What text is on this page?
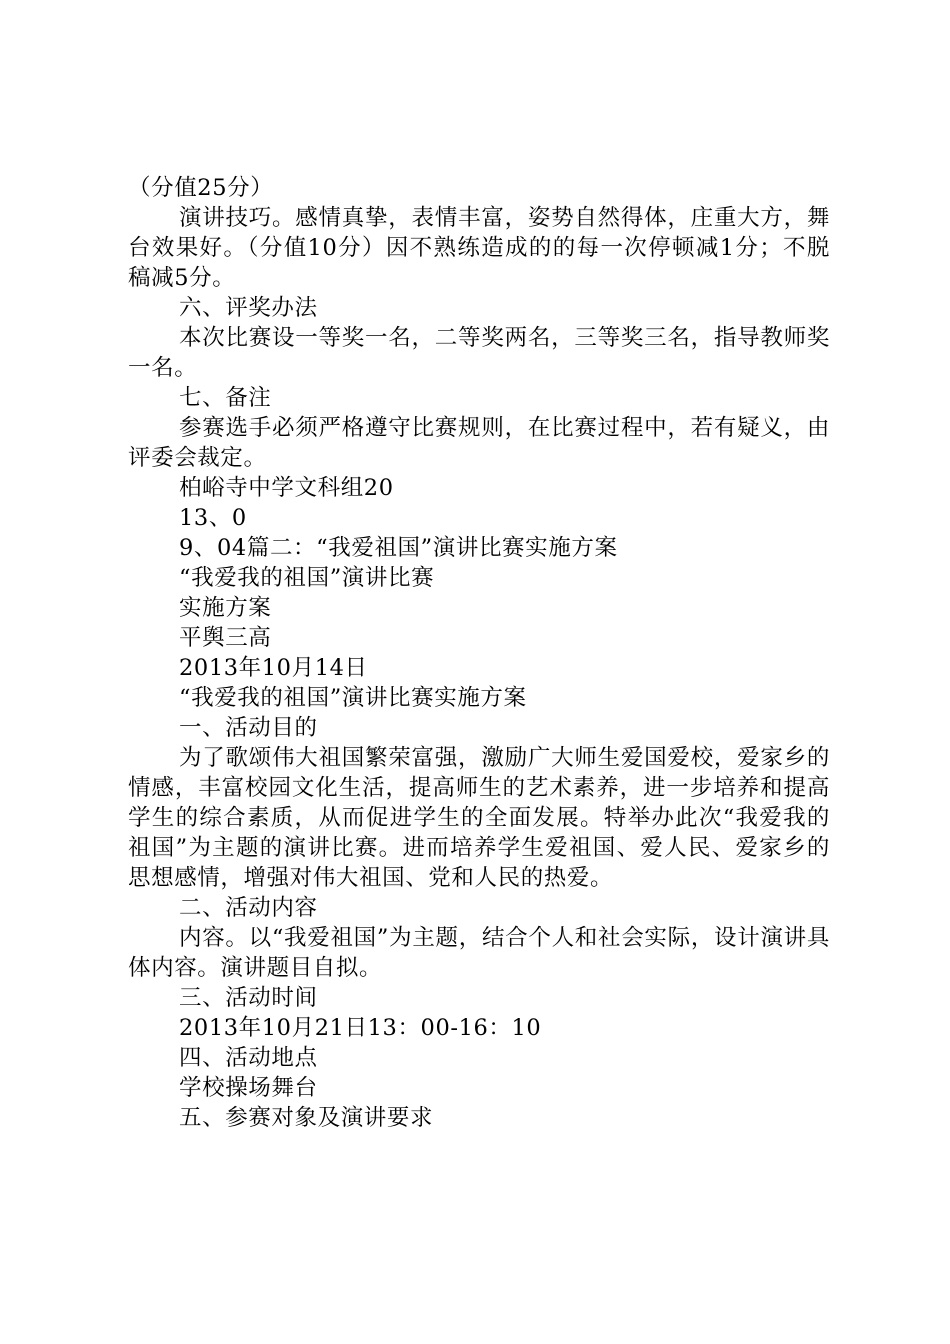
（分值25分）
演讲技巧。感情真挚，表情丰富，姿势自然得体，庄重大方，舞台效果好。（分值10分）因不熟练造成的的每一次停顿减1分；不脱稿减5分。
六、评奖办法
本次比赛设一等奖一名，二等奖两名，三等奖三名，指导教师奖一名。
七、备注
参赛选手必须严格遵守比赛规则，在比赛过程中，若有疑义，由评委会裁定。
柏峪寺中学文科组20
13、0
9、04篇二：“我爱祖国”演讲比赛实施方案
“我爱我的祖国”演讲比赛
实施方案
平舆三高
2013年10月14日
“我爱我的祖国”演讲比赛实施方案
一、活动目的
为了歌颂伟大祖国繁荣富强，激励广大师生爱国爱校，爱家乡的情感，丰富校园文化生活，提高师生的艺术素养，进一步培养和提高学生的综合素质，从而促进学生的全面发展。特举办此次“我爱我的祖国”为主题的演讲比赛。进而培养学生爱祖国、爱人民、爱家乡的思想感情，增强对伟大祖国、党和人民的热爱。
二、活动内容
内容。以“我爱祖国”为主题，结合个人和社会实际，设计演讲具体内容。演讲题目自拟。
三、活动时间
2013年10月21日13：00-16：10
四、活动地点
学校操场舞台
五、参赛对象及演讲要求
